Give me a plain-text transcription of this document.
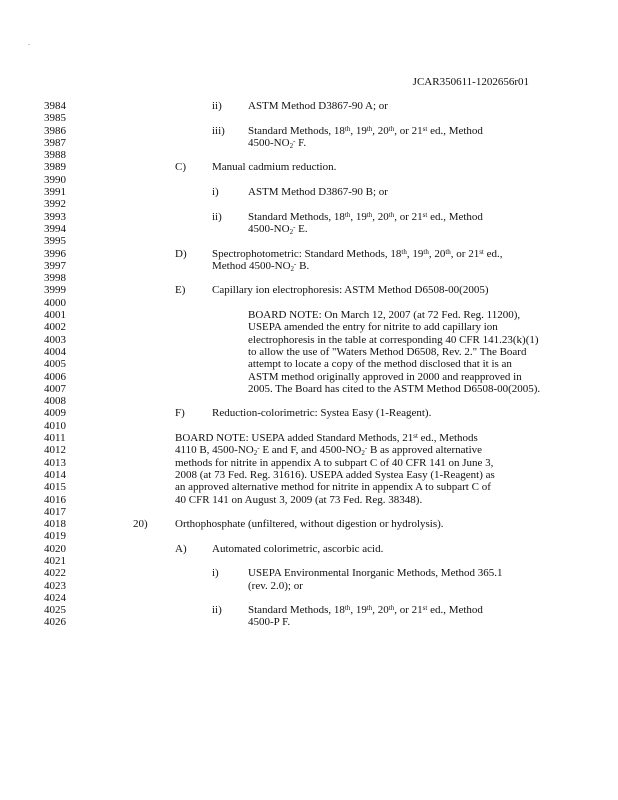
.
JCAR350611-1202656r01
3984	ii) ASTM Method D3867-90 A; or
3985
3986	iii) Standard Methods, 18th, 19th, 20th, or 21st ed., Method
3987	$4500-NO_2^-$ F.
3988
3989	C) Manual cadmium reduction.
3990
3991	i)	ASTM Method D3867-90 B; or
3992
3993	ii) Standard Methods, 18th, 19th, 20th, or 21st ed., Method
3994	$4500-NO_2^-$ E.
3995
3996	D) Spectrophotometric: Standard Methods, 18th, 19th, 20th, or 21st ed.,
3997	Method $4500-NO_2^-$ B.
3998
3999	E) Capillary ion electrophoresis: ASTM Method D6508-00(2005)
4000
4001	BOARD NOTE: On March 12, 2007 (at 72 Fed. Reg. 11200),
4002	USEPA amended the entry for nitrite to add capillary ion
4003	electrophoresis in the table at corresponding 40 CFR 141.23(k)(1)
4004	to allow the use of "Waters Method D6508, Rev. 2." The Board
4005	attempt to locate a copy of the method disclosed that it is an
4006	ASTM method originally approved in 2000 and reapproved in
4007	2005. The Board has cited to the ASTM Method D6508-00(2005).
4008
4009	F) Reduction-colorimetric: Systea Easy (1-Reagent).
4010
4011	BOARD NOTE: USEPA added Standard Methods, 21st ed., Methods
4012	4110 B, $4500-NO_2^-$ E and F, and $4500-NO_2^-$ B as approved alternative
4013	methods for nitrite in appendix A to subpart C of 40 CFR 141 on June 3,
4014	2008 (at 73 Fed. Reg. 31616). USEPA added Systea Easy (1-Reagent) as
4015	an approved alternative method for nitrite in appendix A to subpart C of
4016	40 CFR 141 on August 3, 2009 (at 73 Fed. Reg. 38348).
4017
4018	20) Orthophosphate (unfiltered, without digestion or hydrolysis).
4019
4020	A) Automated colorimetric, ascorbic acid.
4021
4022	i)	USEPA Environmental Inorganic Methods, Method 365.1
4023	(rev. 2.0); or
4024
4025	ii) Standard Methods, 18th, 19th, 20th, or 21st ed., Method
4026	4500-P F.
